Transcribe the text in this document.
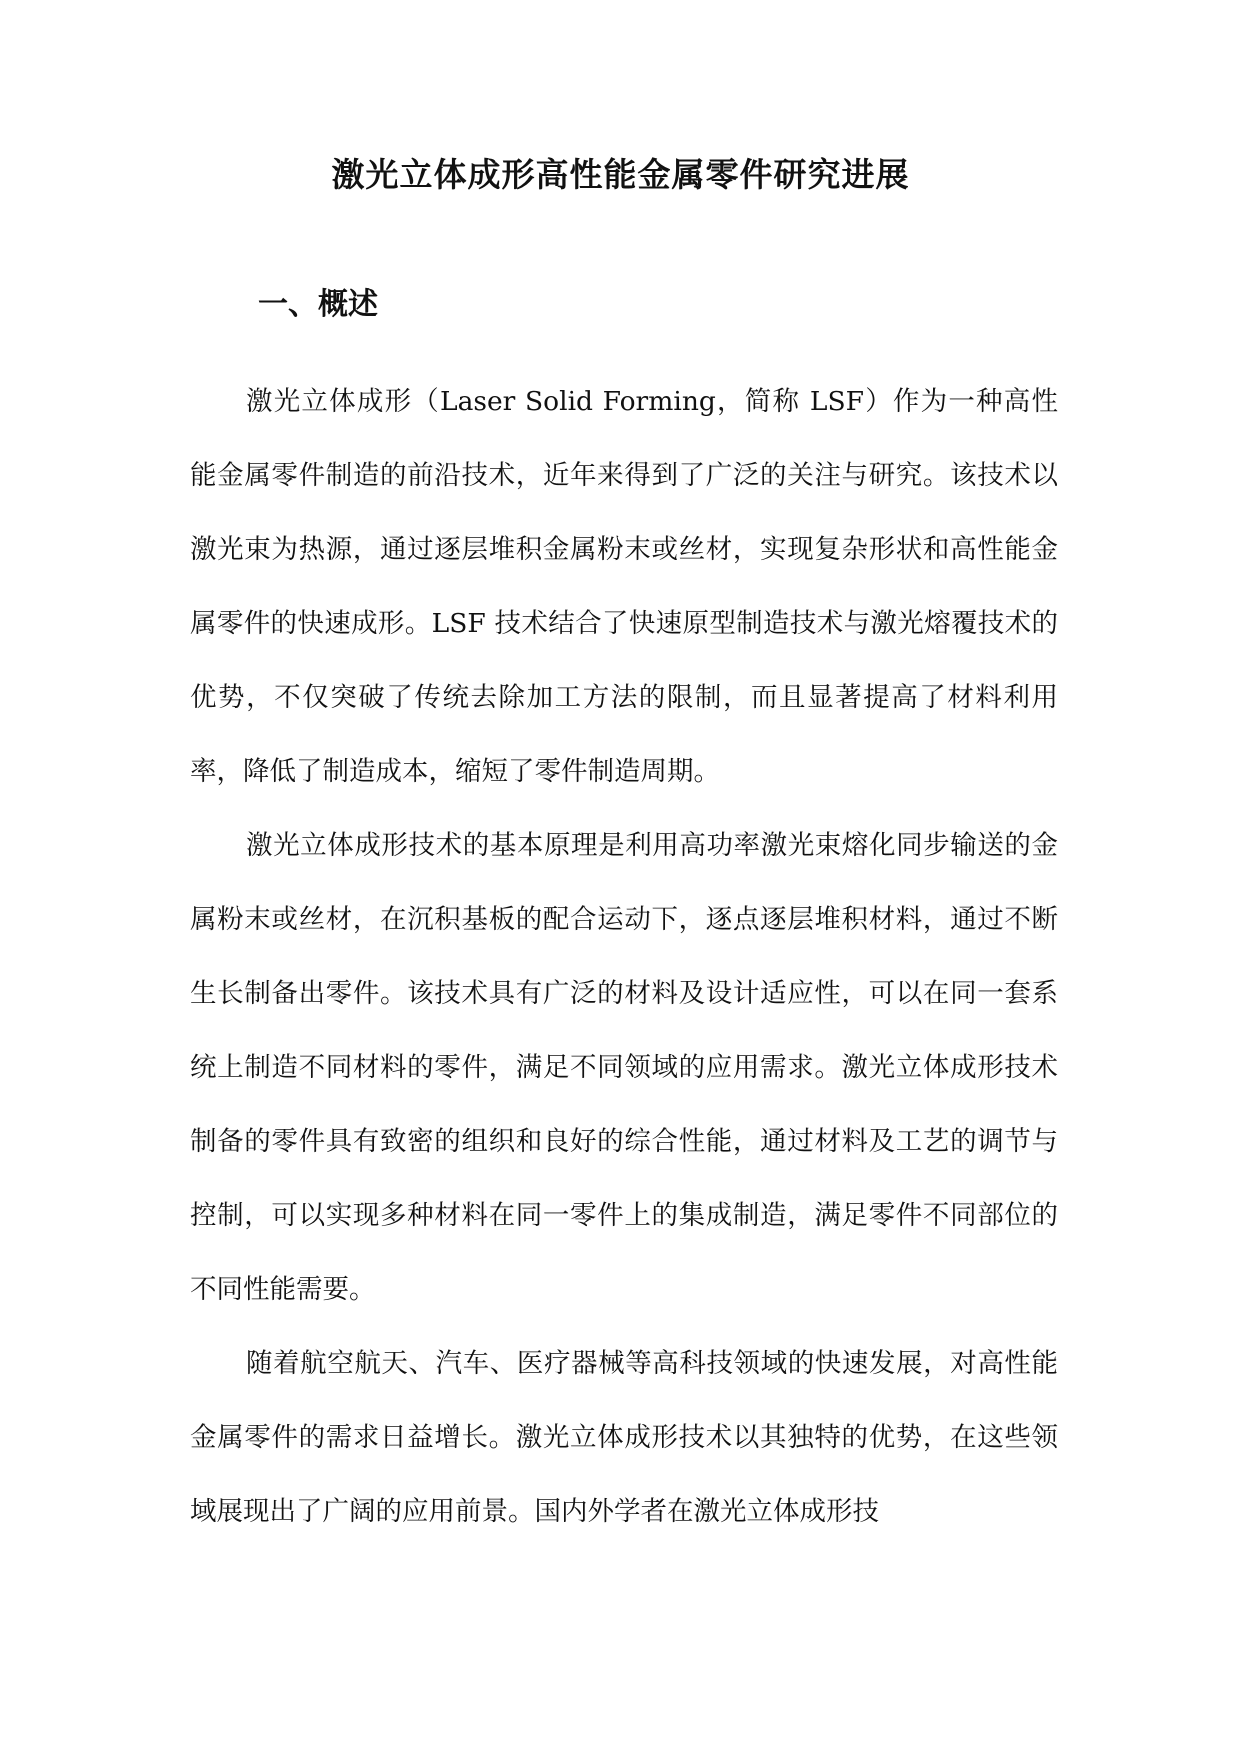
激光立体成形高性能金属零件研究进展
一、概述

激光立体成形（Laser Solid Forming，简称 LSF）作为一种高性能金属零件制造的前沿技术，近年来得到了广泛的关注与研究。该技术以激光束为热源，通过逐层堆积金属粉末或丝材，实现复杂形状和高性能金属零件的快速成形。LSF 技术结合了快速原型制造技术与激光熔覆技术的优势，不仅突破了传统去除加工方法的限制，而且显著提高了材料利用率，降低了制造成本，缩短了零件制造周期。

激光立体成形技术的基本原理是利用高功率激光束熔化同步输送的金属粉末或丝材，在沉积基板的配合运动下，逐点逐层堆积材料，通过不断生长制备出零件。该技术具有广泛的材料及设计适应性，可以在同一套系统上制造不同材料的零件，满足不同领域的应用需求。激光立体成形技术制备的零件具有致密的组织和良好的综合性能，通过材料及工艺的调节与控制，可以实现多种材料在同一零件上的集成制造，满足零件不同部位的不同性能需要。

随着航空航天、汽车、医疗器械等高科技领域的快速发展，对高性能金属零件的需求日益增长。激光立体成形技术以其独特的优势，在这些领域展现出了广阔的应用前景。国内外学者在激光立体成形技
